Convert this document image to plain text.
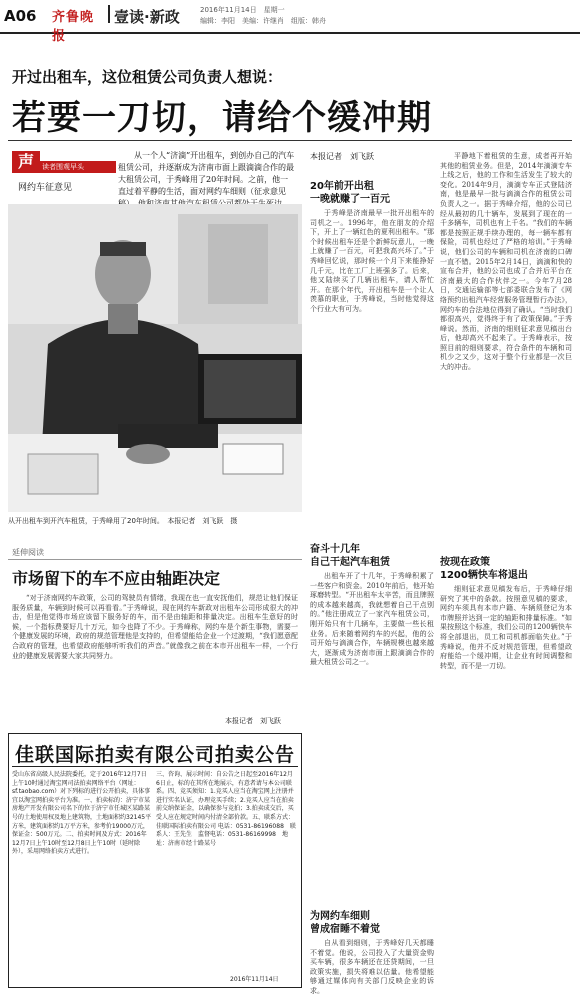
A06 齐鲁晚报
壹读·新政	2016年11月14日　星期一
编辑：李阳　美编：许继肖　组版：韩舟
开过出租车，这位租赁公司负责人想说：
若要一刀切，请给个缓冲期
声	读者围观早头
网约车征意见
从一个人“济滴”开出租车，到创办自己的汽车租赁公司，并逐渐成为济南市面上跟滴滴合作的最大租赁公司，于秀峰用了20年时间。之前，他一直过着平静的生活，面对网约车细则（征求意见
从开出租车到开汽车租赁，于秀峰用了20年时间。　本报记者　刘飞跃　摄
本报记者　刘飞跃
20年前开出租
一晚就赚了一百元
于秀峰是济南最早一批开出租车的司机之一。1996年，他在朋友的介绍下，开上了一辆红色的夏利出租车。“那个时候出租车还是个新鲜玩意儿，一晚上就赚了一百元，可把我高兴坏了。”于秀峰回忆说，那时候一个月下来能挣好几千元，比在工厂上班强多了。后来，他又陆续买了几辆出租车，请人帮忙开。在那个年代，开出租车是一个让人羡慕的职业，于秀峰说，当时他觉得这个行业大有可为。
奋斗十几年
自己干起汽车租赁
出租车开了十几年，于秀峰积累了一些客户和资金。2010年前后，他开始琢磨转型。“开出租车太辛苦，而且牌照的成本越来越高，我就想着自己干点别的。”他注册成立了一家汽车租赁公司，刚开始只有十几辆车，主要做一些长租业务。后来随着网约车的兴起，他的公司开始与滴滴合作，车辆规模也越来越大，逐渐成为济南市面上跟滴滴合作的最大租赁公司之一。
为网约车细则
曾成宿睡不着觉
自从看到细则，于秀峰好几天都睡不着觉。他说，公司投入了大量资金购买车辆，很多车辆还在还贷期间，一旦政策实施，损失将难以估量。他希望能够通过媒体向有关部门反映企业的诉求。
平静地下着租赁的生意，成者再开始其他的租赁业务。但是，2014年滴滴专车上线之后，他的工作和生活发生了较大的变化。2014年9月，滴滴专车正式登陆济南，他是最早一批与滴滴合作的租赁公司负责人之一。据于秀峰介绍，他的公司已经从最初的几十辆车，发展到了现在的一千多辆车，司机也有上千名。“我们的车辆都是按照正规手续办理的，每一辆车都有保险，司机也经过了严格的培训。”于秀峰说，他们公司的车辆和司机在济南的口碑一直不错。2015年2月14日，滴滴和快的宣布合并，他的公司也成了合并后平台在济南最大的合作伙伴之一。今年7月28日，交通运输部等七部委联合发布了《网络预约出租汽车经营服务管理暂行办法》，网约车的合法地位得到了确认。“当时我们都很高兴，觉得终于有了政策保障。”于秀峰说。然而，济南的细则征求意见稿出台后，他却高兴不起来了。于秀峰表示，按照目前的细则要求，符合条件的车辆和司机少之又少，这对于整个行业都是一次巨大的冲击。
按现在政策
1200辆快车将退出
细则征求意见稿发布后，于秀峰仔细研究了其中的条款。按照意见稿的要求，网约车须具有本市户籍、车辆须登记为本市牌照并达到一定的轴距和排量标准。“如果按照这个标准，我们公司的1200辆快车将全部退出，员工和司机都面临失业。”于秀峰说，他并不反对规范管理，但希望政府能给一个缓冲期，让企业有时间调整和转型，而不是一刀切。
延伸阅读
市场留下的车不应由轴距决定
“对于济南网约车政策，公司的驾驶员有情绪，我现在也一直安抚他们，规范让他们保证服务质量，车辆到时候可以再看看。”于秀峰说，现在网约车新政对出租车公司形成很大的冲击，但是他觉得市场应该留下服务好的车，而不是由轴距和排量决定。出租车生意好的时候，一个指标费要好几十万元，如今也降了不少。于秀峰称，网约车是个新生事物，需要一个健康发展的环境，政府的规范管理他是支持的，但希望能给企业一个过渡期，“我们愿意配合政府的管理，也希望政府能够听听我们的声音。”就像我之前在本市开出租车一样，一个行业的健康发展需要大家共同努力。
本报记者　刘飞跃
佳联国际拍卖有限公司拍卖公告
受山东省高级人民法院委托，定于2016年12月7日上午10时通过淘宝网司法拍卖网络平台（网址：sf.taobao.com）对下列标的进行公开拍卖，具体事宜以淘宝网拍卖平台为准。一、拍卖标的：济宁市某房地产开发有限公司名下的位于济宁市任城区某路某号的土地使用权及地上建筑物，土地面积约32145平方米，建筑面积约1万平方米，参考价19000万元，保证金：500万元。二、拍卖时间及方式：2016年12月7日上午10时至12月8日上午10时（延时除外），采用网络拍卖方式进行。
三、咨询、展示时间：自公告之日起至2016年12月6日止，标的在其所在地展示，有意者请与本公司联系。四、竞买须知：1.竞买人应当在淘宝网上注册并进行实名认证，办理竞买手续；2.竞买人应当在拍卖前交纳保证金，以确保参与竞拍；3.拍卖成交后，买受人应在规定时间内付清全部价款。五、联系方式：佳联国际拍卖有限公司 电话：0531-86196088　联系人：王先生　监督电话：0531-86169998　地址：济南市经十路某号
2016年11月14日
